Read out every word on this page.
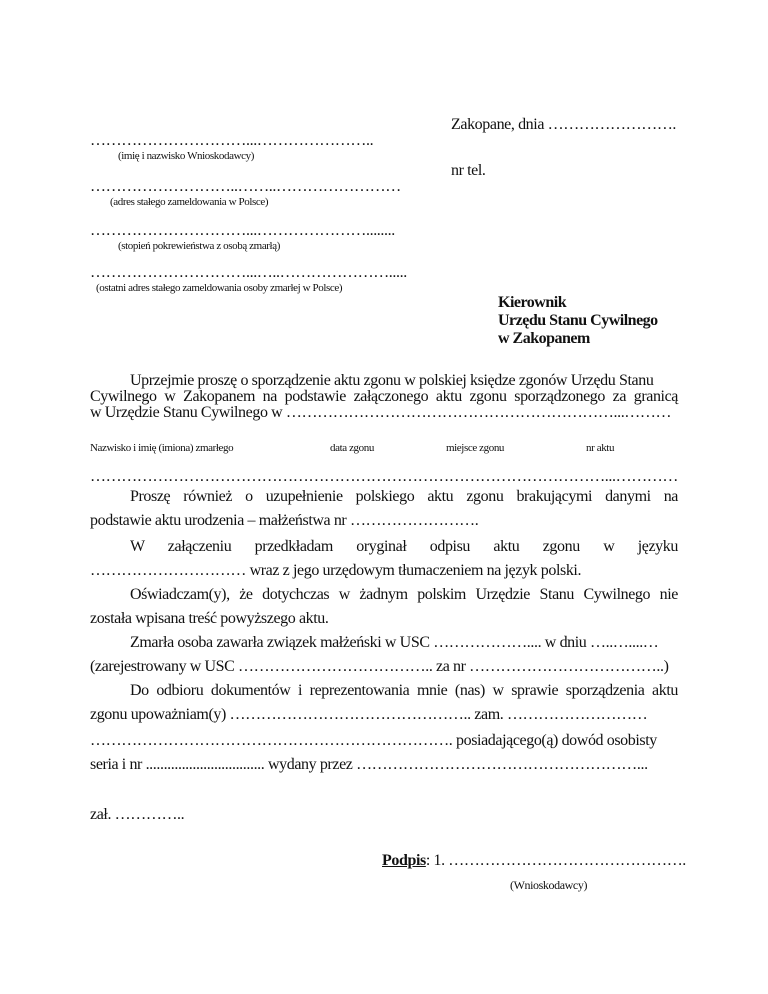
Zakopane, dnia …………………….
…………………………...…………………..
(imię i nazwisko Wnioskodawcy)
nr tel.
………………………..……..……………………
(adres stałego zameldowania w Polsce)
…………………………...…………………........
(stopień pokrewieństwa z osobą zmarłą)
…………………………...…..………………….....
(ostatni adres stałego zameldowania osoby zmarłej w Polsce)
Kierownik
Urzędu Stanu Cywilnego
w Zakopanem
Uprzejmie proszę o sporządzenie aktu zgonu w polskiej księdze zgonów Urzędu Stanu
Cywilnego w Zakopanem na podstawie załączonego aktu zgonu sporządzonego za granicą
w Urzędzie Stanu Cywilnego w ………………………………………………………...………
Nazwisko i imię (imiona) zmarłego	data zgonu	miejsce zgonu	nr aktu
………………………………………………………………………………………...…………
Proszę również o uzupełnienie polskiego aktu zgonu brakującymi danymi na
podstawie aktu urodzenia – małżeństwa nr …………………….
W załączeniu przedkładam oryginał odpisu aktu zgonu w języku
………………………… wraz z jego urzędowym tłumaczeniem na język polski.
Oświadczam(y), że dotychczas w żadnym polskim Urzędzie Stanu Cywilnego nie
została wpisana treść powyższego aktu.
Zmarła osoba zawarła związek małżeński w USC ……………….... w dniu …..…....…
(zarejestrowany w USC ……………………………….. za nr ………………………………..)
Do odbioru dokumentów i reprezentowania mnie (nas) w sprawie sporządzenia aktu
zgonu upoważniam(y) ……………………………………….. zam. ………………………
……………………………………………………………. posiadającego(ą) dowód osobisty
seria i nr ................................. wydany przez ………………………………………………...
zał. …………..
Podpis: 1. ……………………………………….
(Wnioskodawcy)
